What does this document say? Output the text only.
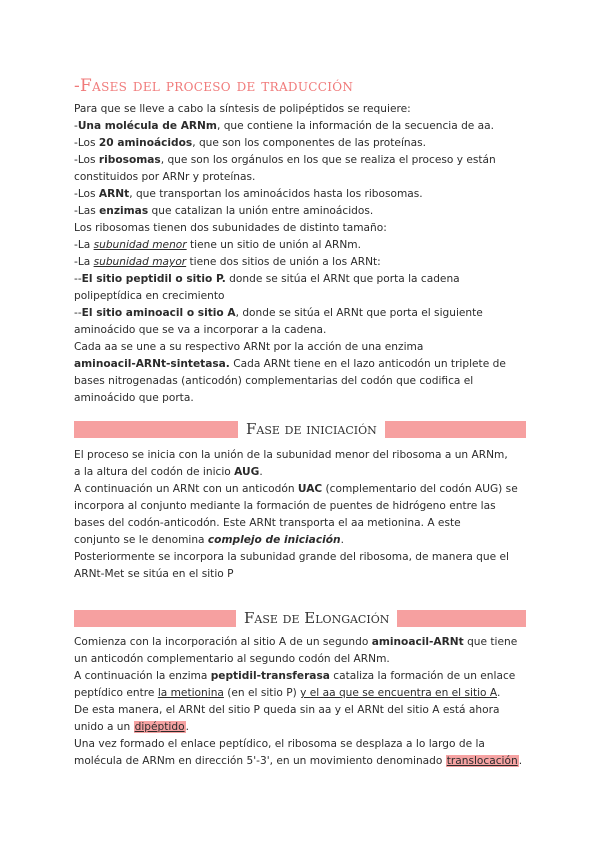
-Fases del proceso de traducción

Para que se lleve a cabo la síntesis de polipéptidos se requiere:

-Una molécula de ARNm, que contiene la información de la secuencia de aa.

-Los 20 aminoácidos, que son los componentes de las proteínas.

-Los ribosomas, que son los orgánulos en los que se realiza el proceso y están

constituidos por ARNr y proteínas.

-Los ARNt, que transportan los aminoácidos hasta los ribosomas.

-Las enzimas que catalizan la unión entre aminoácidos.

Los ribosomas tienen dos subunidades de distinto tamaño:

-La subunidad menor tiene un sitio de unión al ARNm.

-La subunidad mayor tiene dos sitios de unión a los ARNt:

--El sitio peptidil o sitio P. donde se sitúa el ARNt que porta la cadena

polipeptídica en crecimiento

--El sitio aminoacil o sitio A, donde se sitúa el ARNt que porta el siguiente

aminoácido que se va a incorporar a la cadena.

Cada aa se une a su respectivo ARNt por la acción de una enzima

aminoacil-ARNt-sintetasa. Cada ARNt tiene en el lazo anticodón un triplete de

bases nitrogenadas (anticodón) complementarias del codón que codifica el

aminoácido que porta.

Fase de iniciación

El proceso se inicia con la unión de la subunidad menor del ribosoma a un ARNm,

a la altura del codón de inicio AUG.

A continuación un ARNt con un anticodón UAC (complementario del codón AUG) se

incorpora al conjunto mediante la formación de puentes de hidrógeno entre las

bases del codón-anticodón. Este ARNt transporta el aa metionina. A este

conjunto se le denomina complejo de iniciación.

Posteriormente se incorpora la subunidad grande del ribosoma, de manera que el

ARNt-Met se sitúa en el sitio P

Fase de Elongación

Comienza con la incorporación al sitio A de un segundo aminoacil-ARNt que tiene

un anticodón complementario al segundo codón del ARNm.

A continuación la enzima peptidil-transferasa cataliza la formación de un enlace

peptídico entre la metionina (en el sitio P) y el aa que se encuentra en el sitio A.

De esta manera, el ARNt del sitio P queda sin aa y el ARNt del sitio A está ahora

unido a un dipéptido.

Una vez formado el enlace peptídico, el ribosoma se desplaza a lo largo de la

molécula de ARNm en dirección 5'-3', en un movimiento denominado translocación.
